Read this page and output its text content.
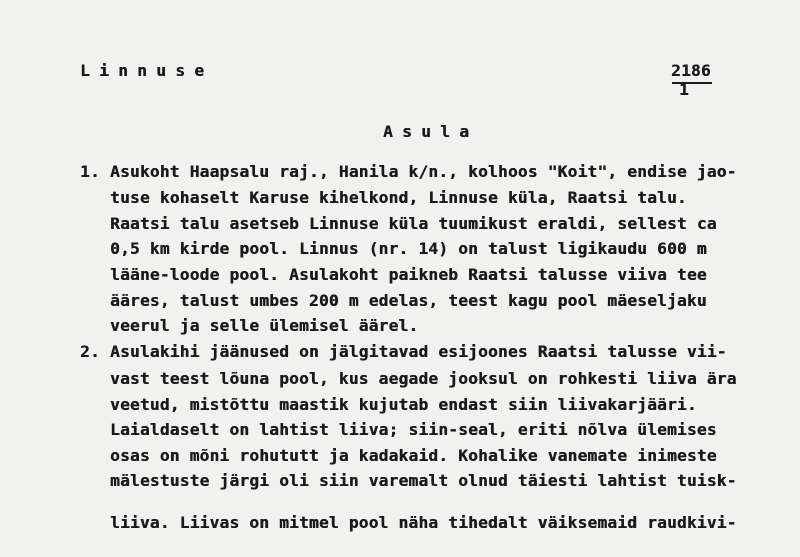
Linnuse	2186
1
Asula
1. Asukoht Haapsalu raj., Hanila k/n., kolhoos "Koit", endise jao-
tuse kohaselt Karuse kihelkond, Linnuse küla, Raatsi talu.
Raatsi talu asetseb Linnuse küla tuumikust eraldi, sellest ca
0,5 km kirde pool. Linnus (nr. 14) on talust ligikaudu 600 m
lääne-loode pool. Asulakoht paikneb Raatsi talusse viiva tee
ääres, talust umbes 200 m edelas, teest kagu pool mäeseljaku
veerul ja selle ülemisel äärel.
2. Asulakihi jäänused on jälgitavad esijoones Raatsi talusse vii-
vast teest lõuna pool, kus aegade jooksul on rohkesti liiva ära
veetud, mistõttu maastik kujutab endast siin liivakarjääri.
Laialdaselt on lahtist liiva; siin-seal, eriti nõlva ülemises
osas on mõni rohututt ja kadakaid. Kohalike vanemate inimeste
mälestuste järgi oli siin varemalt olnud täiesti lahtist tuisk-
liiva. Liivas on mitmel pool näha tihedalt väiksemaid raudkivi-
